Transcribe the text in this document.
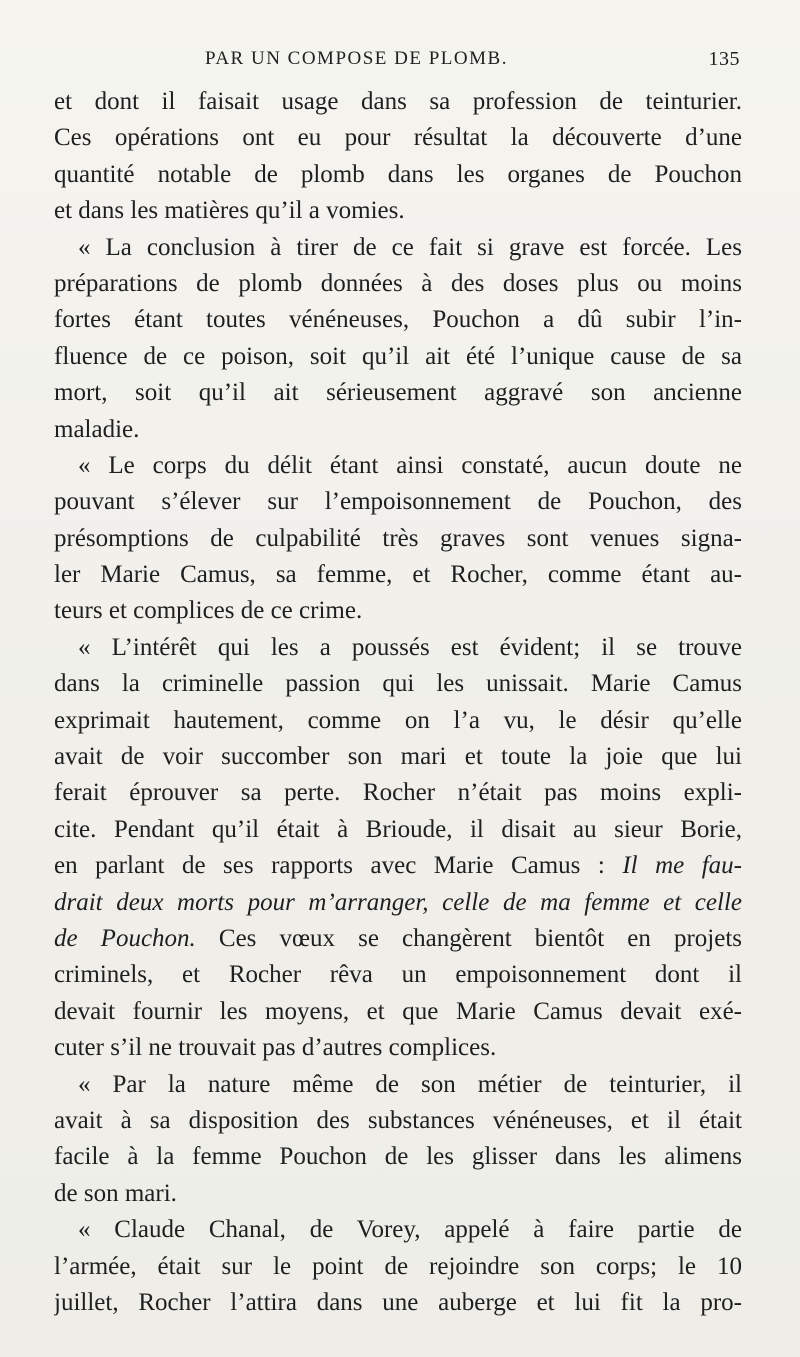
PAR UN COMPOSE DE PLOMB.	135
et dont il faisait usage dans sa profession de teinturier.
Ces opérations ont eu pour résultat la découverte d’une
quantité notable de plomb dans les organes de Pouchon
et dans les matières qu’il a vomies.
« La conclusion à tirer de ce fait si grave est forcée. Les
préparations de plomb données à des doses plus ou moins
fortes étant toutes vénéneuses, Pouchon a dû subir l’in-
fluence de ce poison, soit qu’il ait été l’unique cause de sa
mort, soit qu’il ait sérieusement aggravé son ancienne
maladie.
« Le corps du délit étant ainsi constaté, aucun doute ne
pouvant s’élever sur l’empoisonnement de Pouchon, des
présomptions de culpabilité très graves sont venues signa-
ler Marie Camus, sa femme, et Rocher, comme étant au-
teurs et complices de ce crime.
« L’intérêt qui les a poussés est évident; il se trouve
dans la criminelle passion qui les unissait. Marie Camus
exprimait hautement, comme on l’a vu, le désir qu’elle
avait de voir succomber son mari et toute la joie que lui
ferait éprouver sa perte. Rocher n’était pas moins expli-
cite. Pendant qu’il était à Brioude, il disait au sieur Borie,
en parlant de ses rapports avec Marie Camus : Il me fau-
drait deux morts pour m’arranger, celle de ma femme et celle
de Pouchon. Ces vœux se changèrent bientôt en projets
criminels, et Rocher rêva un empoisonnement dont il
devait fournir les moyens, et que Marie Camus devait exé-
cuter s’il ne trouvait pas d’autres complices.
« Par la nature même de son métier de teinturier, il
avait à sa disposition des substances vénéneuses, et il était
facile à la femme Pouchon de les glisser dans les alimens
de son mari.
« Claude Chanal, de Vorey, appelé à faire partie de
l’armée, était sur le point de rejoindre son corps; le 10
juillet, Rocher l’attira dans une auberge et lui fit la pro-
